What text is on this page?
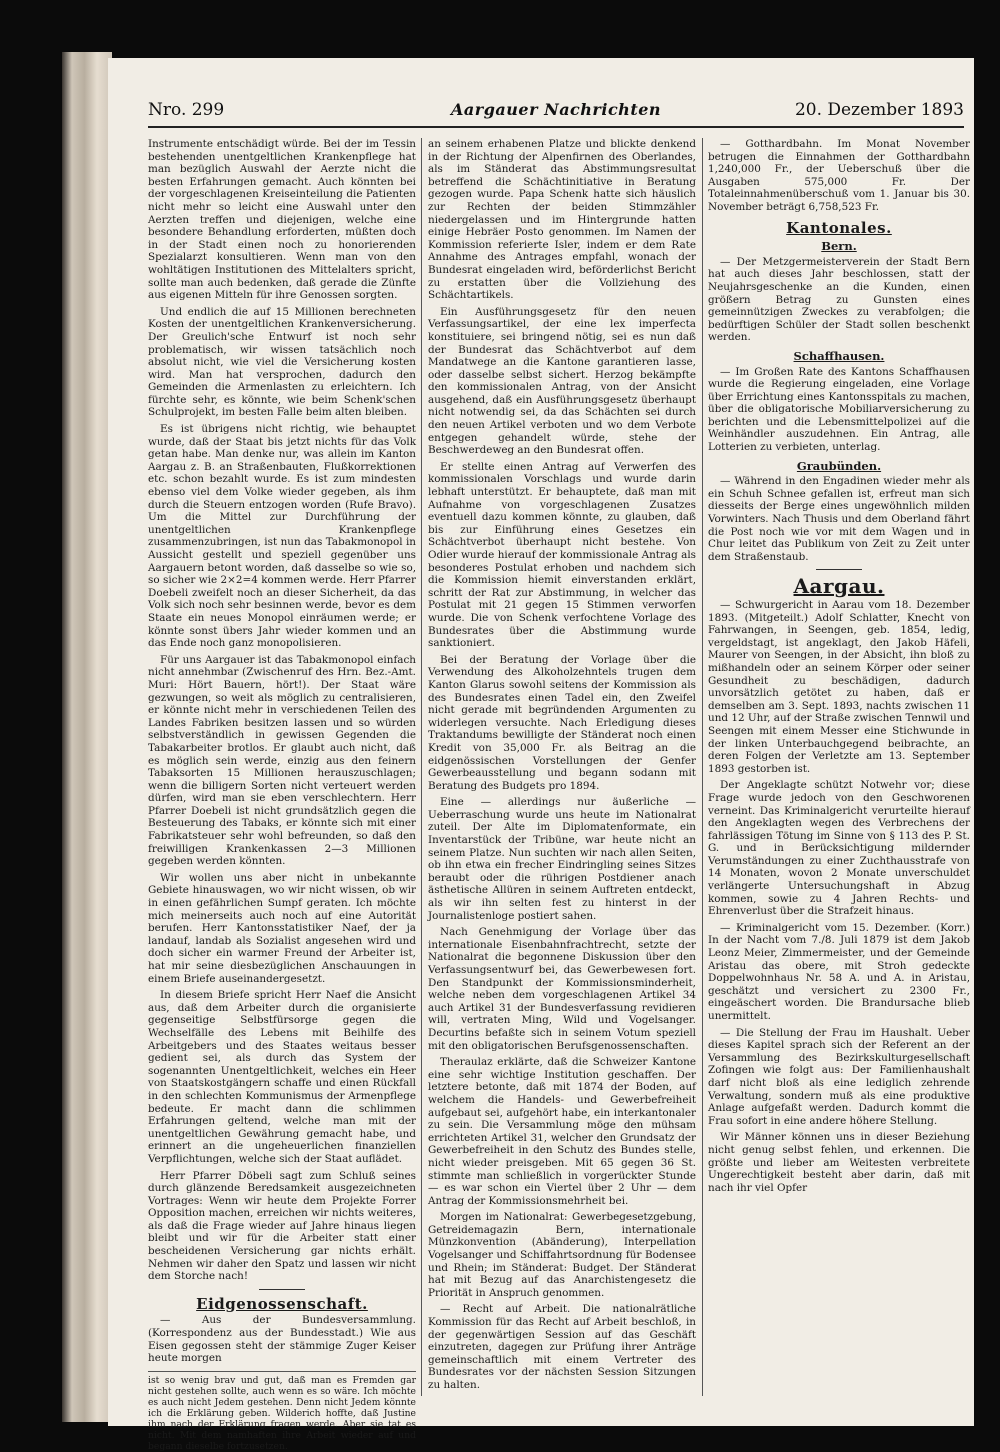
Nro. 299	Aargauer Nachrichten	20. Dezember 1893

Instrumente entschädigt würde. Bei der im Tessin bestehenden unentgeltlichen Krankenpflege hat man bezüglich Auswahl der Aerzte nicht die besten Erfahrungen gemacht. Auch könnten bei der vorgeschlagenen Kreiseinteilung die Patienten nicht mehr so leicht eine Auswahl unter den Aerzten treffen und diejenigen, welche eine besondere Behandlung erforderten, müßten doch in der Stadt einen noch zu honorierenden Spezialarzt konsultieren. Wenn man von den wohltätigen Institutionen des Mittelalters spricht, sollte man auch bedenken, daß gerade die Zünfte aus eigenen Mitteln für ihre Genossen sorgten.

Und endlich die auf 15 Millionen berechneten Kosten der unentgeltlichen Krankenversicherung. Der Greulich'sche Entwurf ist noch sehr problematisch, wir wissen tatsächlich noch absolut nicht, wie viel die Versicherung kosten wird. Man hat versprochen, dadurch den Gemeinden die Armenlasten zu erleichtern. Ich fürchte sehr, es könnte, wie beim Schenk'schen Schulprojekt, im besten Falle beim alten bleiben.

Es ist übrigens nicht richtig, wie behauptet wurde, daß der Staat bis jetzt nichts für das Volk getan habe. Man denke nur, was allein im Kanton Aargau z. B. an Straßenbauten, Flußkorrektionen etc. schon bezahlt wurde. Es ist zum mindesten ebenso viel dem Volke wieder gegeben, als ihm durch die Steuern entzogen worden (Rufe Bravo). Um die Mittel zur Durchführung der unentgeltlichen Krankenpflege zusammenzubringen, ist nun das Tabakmonopol in Aussicht gestellt und speziell gegenüber uns Aargauern betont worden, daß dasselbe so wie so, so sicher wie 2×2=4 kommen werde. Herr Pfarrer Doebeli zweifelt noch an dieser Sicherheit, da das Volk sich noch sehr besinnen werde, bevor es dem Staate ein neues Monopol einräumen werde; er könnte sonst übers Jahr wieder kommen und an das Ende noch ganz monopolisieren.

Für uns Aargauer ist das Tabakmonopol einfach nicht annehmbar (Zwischenruf des Hrn. Bez.-Amt. Muri: Hört Bauern, hört!). Der Staat wäre gezwungen, so weit als möglich zu centralisieren, er könnte nicht mehr in verschiedenen Teilen des Landes Fabriken besitzen lassen und so würden selbstverständlich in gewissen Gegenden die Tabakarbeiter brotlos. Er glaubt auch nicht, daß es möglich sein werde, einzig aus den feinern Tabaksorten 15 Millionen herauszuschlagen; wenn die billigern Sorten nicht verteuert werden dürfen, wird man sie eben verschlechtern. Herr Pfarrer Doebeli ist nicht grundsätzlich gegen die Besteuerung des Tabaks, er könnte sich mit einer Fabrikatsteuer sehr wohl befreunden, so daß den freiwilligen Krankenkassen 2—3 Millionen gegeben werden könnten.

Wir wollen uns aber nicht in unbekannte Gebiete hinauswagen, wo wir nicht wissen, ob wir in einen gefährlichen Sumpf geraten. Ich möchte mich meinerseits auch noch auf eine Autorität berufen. Herr Kantonsstatistiker Naef, der ja landauf, landab als Sozialist angesehen wird und doch sicher ein warmer Freund der Arbeiter ist, hat mir seine diesbezüglichen Anschauungen in einem Briefe auseinandergesetzt.

In diesem Briefe spricht Herr Naef die Ansicht aus, daß dem Arbeiter durch die organisierte gegenseitige Selbstfürsorge gegen die Wechselfälle des Lebens mit Beihilfe des Arbeitgebers und des Staates weitaus besser gedient sei, als durch das System der sogenannten Unentgeltlichkeit, welches ein Heer von Staatskostgängern schaffe und einen Rückfall in den schlechten Kommunismus der Armenpflege bedeute. Er macht dann die schlimmen Erfahrungen geltend, welche man mit der unentgeltlichen Gewährung gemacht habe, und erinnert an die ungeheuerlichen finanziellen Verpflichtungen, welche sich der Staat auflädet.

Herr Pfarrer Döbeli sagt zum Schluß seines durch glänzende Beredsamkeit ausgezeichneten Vortrages: Wenn wir heute dem Projekte Forrer Opposition machen, erreichen wir nichts weiteres, als daß die Frage wieder auf Jahre hinaus liegen bleibt und wir für die Arbeiter statt einer bescheidenen Versicherung gar nichts erhält. Nehmen wir daher den Spatz und lassen wir nicht dem Storche nach!

Eidgenossenschaft.

— Aus der Bundesversammlung. (Korrespondenz aus der Bundesstadt.) Wie aus Eisen gegossen steht der stämmige Zuger Keiser heute morgen

ist so wenig brav und gut, daß man es Fremden gar nicht gestehen sollte, auch wenn es so wäre. Ich möchte es auch nicht Jedem gestehen. Denn nicht Jedem könnte ich die Erklärung geben. Wilderich hoffte, daß Justine ihm nach der Erklärung fragen werde. Aber sie tat es nicht. Mit dem namhaften ihre Arbeit wieder auf und begann dieselbe fortzusetzen.

an seinem erhabenen Platze und blickte denkend in der Richtung der Alpenfirnen des Oberlandes, als im Ständerat das Abstimmungsresultat betreffend die Schächtinitiative in Beratung gezogen wurde. Papa Schenk hatte sich häuslich zur Rechten der beiden Stimmzähler niedergelassen und im Hintergrunde hatten einige Hebräer Posto genommen. Im Namen der Kommission referierte Isler, indem er dem Rate Annahme des Antrages empfahl, wonach der Bundesrat eingeladen wird, beförderlichst Bericht zu erstatten über die Vollziehung des Schächtartikels.

Ein Ausführungsgesetz für den neuen Verfassungsartikel, der eine lex imperfecta konstituiere, sei bringend nötig, sei es nun daß der Bundesrat das Schächtverbot auf dem Mandatwege an die Kantone garantieren lasse, oder dasselbe selbst sichert. Herzog bekämpfte den kommissionalen Antrag, von der Ansicht ausgehend, daß ein Ausführungsgesetz überhaupt nicht notwendig sei, da das Schächten sei durch den neuen Artikel verboten und wo dem Verbote entgegen gehandelt würde, stehe der Beschwerdeweg an den Bundesrat offen.

Er stellte einen Antrag auf Verwerfen des kommissionalen Vorschlags und wurde darin lebhaft unterstützt. Er behauptete, daß man mit Aufnahme von vorgeschlagenen Zusatzes eventuell dazu kommen könnte, zu glauben, daß bis zur Einführung eines Gesetzes ein Schächtverbot überhaupt nicht bestehe. Von Odier wurde hierauf der kommissionale Antrag als besonderes Postulat erhoben und nachdem sich die Kommission hiemit einverstanden erklärt, schritt der Rat zur Abstimmung, in welcher das Postulat mit 21 gegen 15 Stimmen verworfen wurde. Die von Schenk verfochtene Vorlage des Bundesrates über die Abstimmung wurde sanktioniert.

Bei der Beratung der Vorlage über die Verwendung des Alkoholzehntels trugen dem Kanton Glarus sowohl seitens der Kommission als des Bundesrates einen Tadel ein, den Zweifel nicht gerade mit begründenden Argumenten zu widerlegen versuchte. Nach Erledigung dieses Traktandums bewilligte der Ständerat noch einen Kredit von 35,000 Fr. als Beitrag an die eidgenössischen Vorstellungen der Genfer Gewerbeausstellung und begann sodann mit Beratung des Budgets pro 1894.

Eine — allerdings nur äußerliche — Ueberraschung wurde uns heute im Nationalrat zuteil. Der Alte im Diplomatenformate, ein Inventarstück der Tribüne, war heute nicht an seinem Platze. Nun suchten wir nach allen Seiten, ob ihn etwa ein frecher Eindringling seines Sitzes beraubt oder die rührigen Postdiener anach ästhetische Allüren in seinem Auftreten entdeckt, als wir ihn selten fest zu hinterst in der Journalistenloge postiert sahen.

Nach Genehmigung der Vorlage über das internationale Eisenbahnfrachtrecht, setzte der Nationalrat die begonnene Diskussion über den Verfassungsentwurf bei, das Gewerbewesen fort. Den Standpunkt der Kommissionsminderheit, welche neben dem vorgeschlagenen Artikel 34 auch Artikel 31 der Bundesverfassung revidieren will, vertraten Ming, Wild und Vogelsanger. Decurtins befaßte sich in seinem Votum speziell mit den obligatorischen Berufsgenossenschaften.

Theraulaz erklärte, daß die Schweizer Kantone eine sehr wichtige Institution geschaffen. Der letztere betonte, daß mit 1874 der Boden, auf welchem die Handels- und Gewerbefreiheit aufgebaut sei, aufgehört habe, ein interkantonaler zu sein. Die Versammlung möge den mühsam errichteten Artikel 31, welcher den Grundsatz der Gewerbefreiheit in den Schutz des Bundes stelle, nicht wieder preisgeben. Mit 65 gegen 36 St. stimmte man schließlich in vorgerückter Stunde — es war schon ein Viertel über 2 Uhr — dem Antrag der Kommissionsmehrheit bei.

Morgen im Nationalrat: Gewerbegesetzgebung, Getreidemagazin Bern, internationale Münzkonvention (Abänderung), Interpellation Vogelsanger und Schiffahrtsordnung für Bodensee und Rhein; im Ständerat: Budget. Der Ständerat hat mit Bezug auf das Anarchistengesetz die Priorität in Anspruch genommen.

— Recht auf Arbeit. Die nationalrätliche Kommission für das Recht auf Arbeit beschloß, in der gegenwärtigen Session auf das Geschäft einzutreten, dagegen zur Prüfung ihrer Anträge gemeinschaftlich mit einem Vertreter des Bundesrates vor der nächsten Session Sitzungen zu halten.

— Gotthardbahn. Im Monat November betrugen die Einnahmen der Gotthardbahn 1,240,000 Fr., der Ueberschuß über die Ausgaben 575,000 Fr. Der Totaleinnahmenüberschuß vom 1. Januar bis 30. November beträgt 6,758,523 Fr.

Kantonales.
Bern.

— Der Metzgermeisterverein der Stadt Bern hat auch dieses Jahr beschlossen, statt der Neujahrsgeschenke an die Kunden, einen größern Betrag zu Gunsten eines gemeinnützigen Zweckes zu verabfolgen; die bedürftigen Schüler der Stadt sollen beschenkt werden.

Schaffhausen.

— Im Großen Rate des Kantons Schaffhausen wurde die Regierung eingeladen, eine Vorlage über Errichtung eines Kantonsspitals zu machen, über die obligatorische Mobiliarversicherung zu berichten und die Lebensmittelpolizei auf die Weinhändler auszudehnen. Ein Antrag, alle Lotterien zu verbieten, unterlag.

Graubünden.

— Während in den Engadinen wieder mehr als ein Schuh Schnee gefallen ist, erfreut man sich diesseits der Berge eines ungewöhnlich milden Vorwinters. Nach Thusis und dem Oberland fährt die Post noch wie vor mit dem Wagen und in Chur leitet das Publikum von Zeit zu Zeit unter dem Straßenstaub.

Aargau.

— Schwurgericht in Aarau vom 18. Dezember 1893. (Mitgeteilt.) Adolf Schlatter, Knecht von Fahrwangen, in Seengen, geb. 1854, ledig, vergeldstagt, ist angeklagt, den Jakob Häfeli, Maurer von Seengen, in der Absicht, ihn bloß zu mißhandeln oder an seinem Körper oder seiner Gesundheit zu beschädigen, dadurch unvorsätzlich getötet zu haben, daß er demselben am 3. Sept. 1893, nachts zwischen 11 und 12 Uhr, auf der Straße zwischen Tennwil und Seengen mit einem Messer eine Stichwunde in der linken Unterbauchgegend beibrachte, an deren Folgen der Verletzte am 13. September 1893 gestorben ist.

Der Angeklagte schützt Notwehr vor; diese Frage wurde jedoch von den Geschworenen verneint. Das Kriminalgericht verurteilte hierauf den Angeklagten wegen des Verbrechens der fahrlässigen Tötung im Sinne von § 113 des P. St. G. und in Berücksichtigung mildernder Verumständungen zu einer Zuchthausstrafe von 14 Monaten, wovon 2 Monate unverschuldet verlängerte Untersuchungshaft in Abzug kommen, sowie zu 4 Jahren Rechts- und Ehrenverlust über die Strafzeit hinaus.

— Kriminalgericht vom 15. Dezember. (Korr.) In der Nacht vom 7./8. Juli 1879 ist dem Jakob Leonz Meier, Zimmermeister, und der Gemeinde Aristau das obere, mit Stroh gedeckte Doppelwohnhaus Nr. 58 A. und A. in Aristau, geschätzt und versichert zu 2300 Fr., eingeäschert worden. Die Brandursache blieb unermittelt.

— Die Stellung der Frau im Haushalt. Ueber dieses Kapitel sprach sich der Referent an der Versammlung des Bezirkskulturgesellschaft Zofingen wie folgt aus: Der Familienhaushalt darf nicht bloß als eine lediglich zehrende Verwaltung, sondern muß als eine produktive Anlage aufgefaßt werden. Dadurch kommt die Frau sofort in eine andere höhere Stellung.

Wir Männer können uns in dieser Beziehung nicht genug selbst fehlen, und erkennen. Die größte und lieber am Weitesten verbreitete Ungerechtigkeit besteht aber darin, daß mit nach ihr viel Opfer
